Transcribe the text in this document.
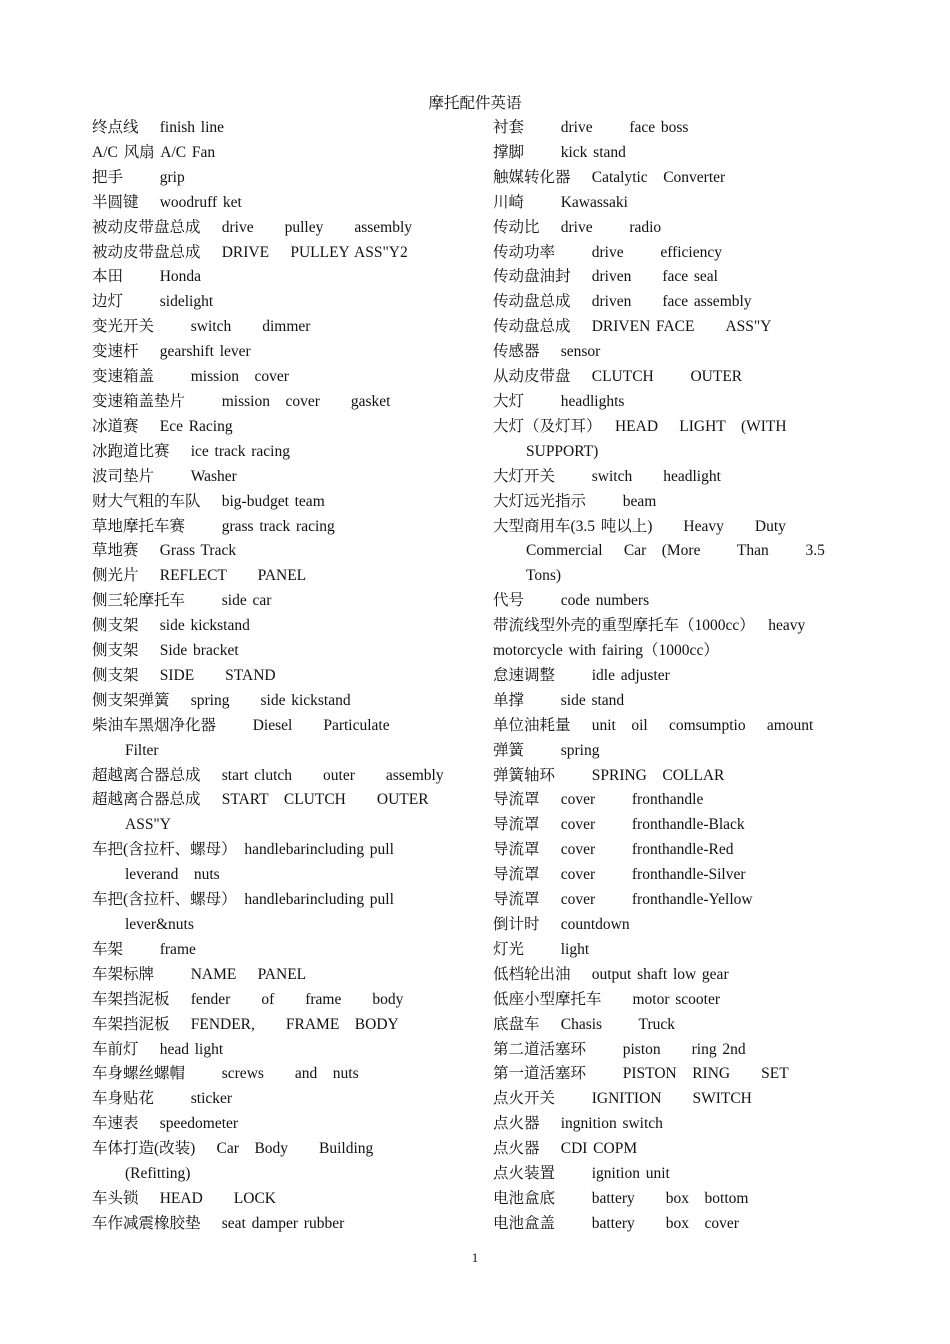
摩托配件英语
终点线　 finish line
A/C 风扇 A/C Fan
把手　　 grip
半圆键　 woodruff ket
被动皮带盘总成　 drive　　pulley　　assembly
被动皮带盘总成　 DRIVE　 PULLEY ASS"Y2
本田　　 Honda
边灯　　 sidelight
变光开关　　 switch　　dimmer
变速杆　 gearshift lever
变速箱盖　　 mission　cover
变速箱盖垫片　　 mission　cover　　gasket
冰道赛　 Ece Racing
冰跑道比赛　 ice track racing
波司垫片　　 Washer
财大气粗的车队　 big-budget team
草地摩托车赛　　 grass track racing
草地赛　 Grass Track
侧光片　 REFLECT　　PANEL
侧三轮摩托车　　 side car
侧支架　 side kickstand
侧支架　 Side bracket
侧支架　 SIDE　　STAND
侧支架弹簧　 spring　　side kickstand
柴油车黑烟净化器　　 Diesel　　Particulate
Filter
超越离合器总成　 start clutch　　outer　　assembly
超越离合器总成　 START　CLUTCH　　OUTER
ASS"Y
车把(含拉杆、螺母）　handlebarincluding pull
leverand　nuts
车把(含拉杆、螺母）　handlebarincluding pull
lever&nuts
车架　　 frame
车架标牌　　 NAME　 PANEL
车架挡泥板　 fender　　of　　frame　　body
车架挡泥板　 FENDER,　　FRAME　BODY
车前灯　 head light
车身螺丝螺帽　　 screws　　and　nuts
车身贴花　　 sticker
车速表　 speedometer
车体打造(改装)　 Car　Body　　Building
(Refitting)
车头锁　 HEAD　　LOCK
车作减震橡胶垫　 seat damper rubber
衬套　　 drive　　 face boss
撑脚　　 kick stand
触媒转化器　 Catalytic　Converter
川崎　　 Kawassaki
传动比　 drive　　 radio
传动功率　　 drive　　 efficiency
传动盘油封　 driven　　face seal
传动盘总成　 driven　　face assembly
传动盘总成　 DRIVEN FACE　　ASS"Y
传感器　 sensor
从动皮带盘　 CLUTCH　　 OUTER
大灯　　 headlights
大灯（及灯耳）　 HEAD　 LIGHT　(WITH
SUPPORT)
大灯开关　　 switch　　headlight
大灯远光指示　　 beam
大型商用车(3.5 吨以上)　　Heavy　　Duty
Commercial　 Car　(More　　 Than　　 3.5
Tons)
代号　　 code numbers
带流线型外壳的重型摩托车（1000cc）　 heavy
motorcycle with fairing（1000cc）
怠速调整　　 idle adjuster
单撑　　 side stand
单位油耗量　 unit　oil　 comsumptio　 amount
弹簧　　 spring
弹簧轴环　　 SPRING　COLLAR
导流罩　 cover　　 fronthandle
导流罩　 cover　　 fronthandle-Black
导流罩　 cover　　 fronthandle-Red
导流罩　 cover　　 fronthandle-Silver
导流罩　 cover　　 fronthandle-Yellow
倒计时　 countdown
灯光　　 light
低档轮出油　 output shaft low gear
低座小型摩托车　　motor scooter
底盘车　 Chasis　　 Truck
第二道活塞环　　 piston　　ring 2nd
第一道活塞环　　 PISTON　RING　　SET
点火开关　　 IGNITION　　SWITCH
点火器　 ingnition switch
点火器　 CDI COPM
点火装置　　 ignition unit
电池盒底　　 battery　　box　bottom
电池盒盖　　 battery　　box　cover
1
